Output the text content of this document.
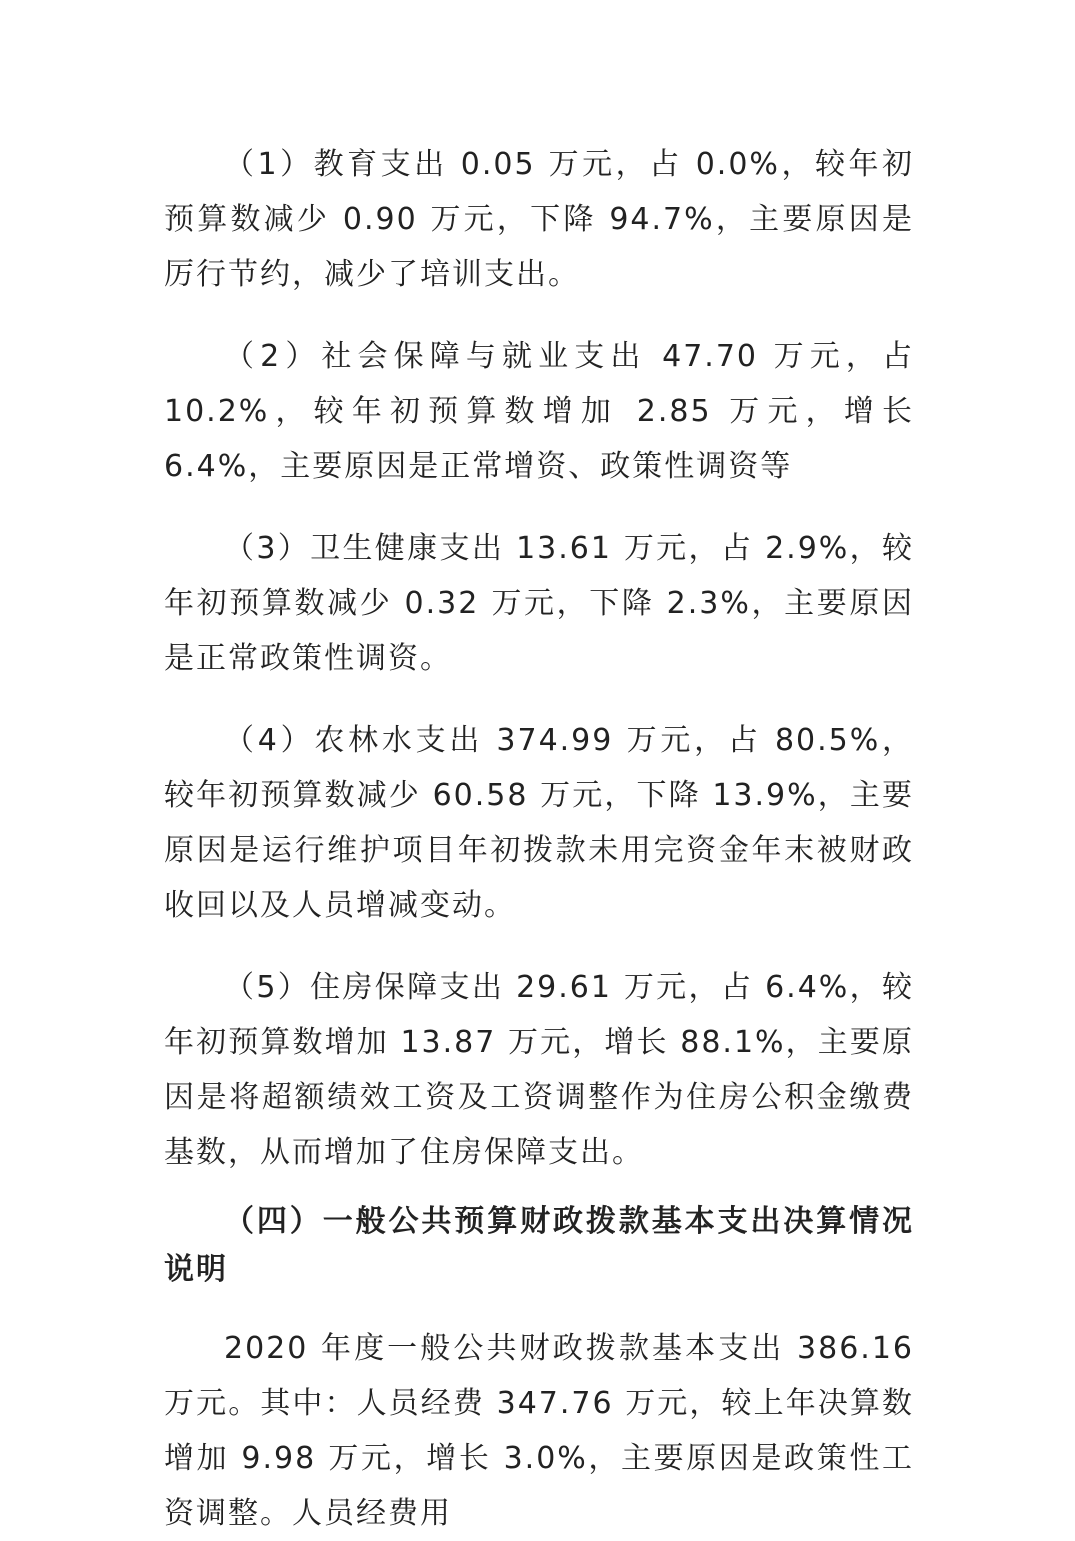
（1）教育支出 0.05 万元，占 0.0%，较年初预算数减少 0.90 万元，下降 94.7%，主要原因是厉行节约，减少了培训支出。

（2）社会保障与就业支出 47.70 万元，占 10.2%，较年初预算数增加 2.85 万元，增长 6.4%，主要原因是正常增资、政策性调资等

（3）卫生健康支出 13.61 万元，占 2.9%，较年初预算数减少 0.32 万元，下降 2.3%，主要原因是正常政策性调资。

（4）农林水支出 374.99 万元，占 80.5%，较年初预算数减少 60.58 万元，下降 13.9%，主要原因是运行维护项目年初拨款未用完资金年末被财政收回以及人员增减变动。

（5）住房保障支出 29.61 万元，占 6.4%，较年初预算数增加 13.87 万元，增长 88.1%，主要原因是将超额绩效工资及工资调整作为住房公积金缴费基数，从而增加了住房保障支出。

（四）一般公共预算财政拨款基本支出决算情况说明

2020 年度一般公共财政拨款基本支出 386.16 万元。其中：人员经费 347.76 万元，较上年决算数增加 9.98 万元，增长 3.0%，主要原因是政策性工资调整。人员经费用
